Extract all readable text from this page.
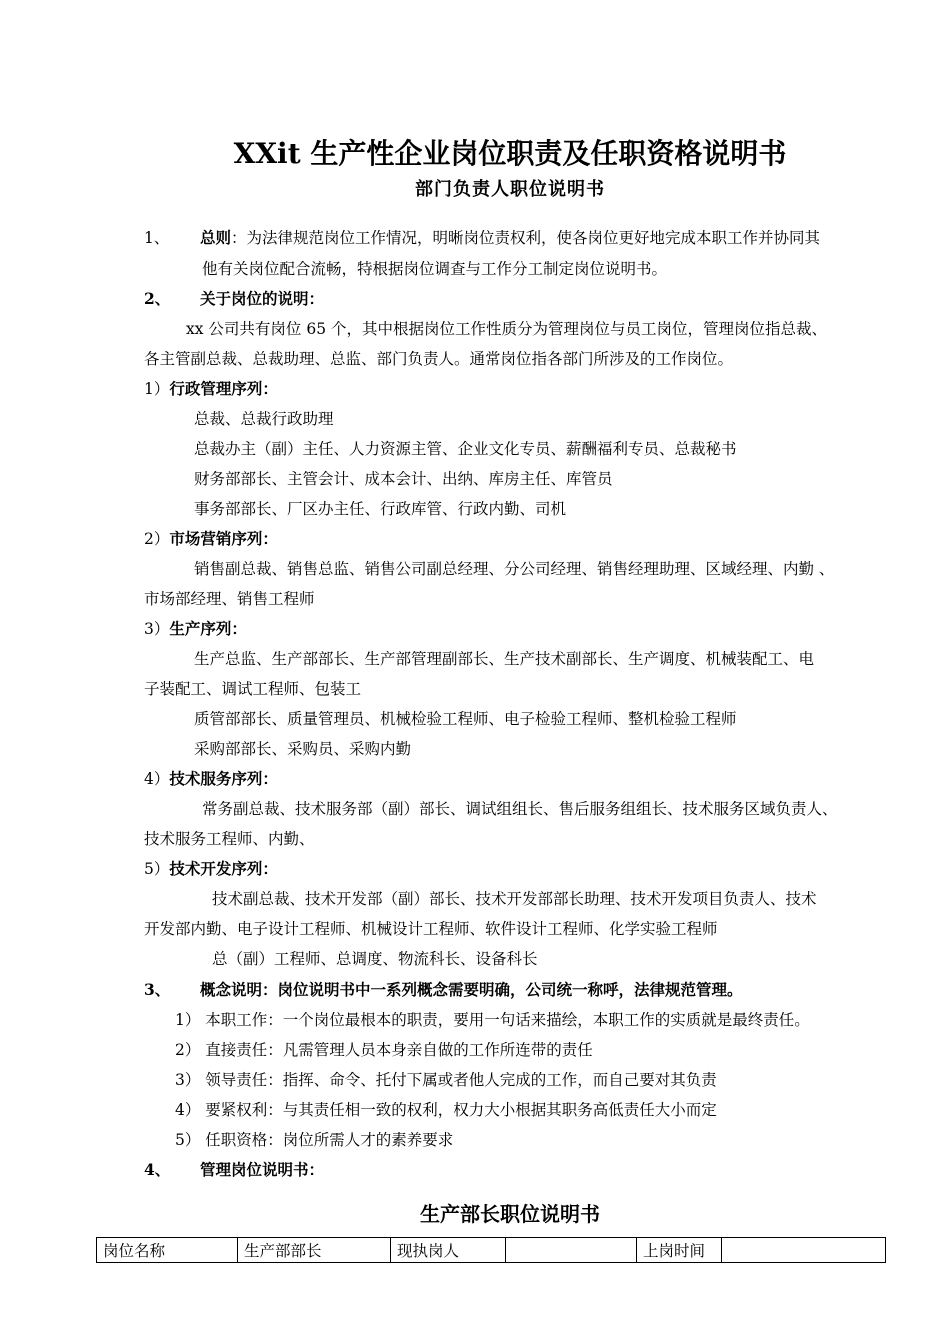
XXit 生产性企业岗位职责及任职资格说明书
部门负责人职位说明书
1、 总则：为法律规范岗位工作情况，明晰岗位责权利，使各岗位更好地完成本职工作并协同其
他有关岗位配合流畅，特根据岗位调查与工作分工制定岗位说明书。
2、 关于岗位的说明：
xx 公司共有岗位 65 个，其中根据岗位工作性质分为管理岗位与员工岗位，管理岗位指总裁、
各主管副总裁、总裁助理、总监、部门负责人。通常岗位指各部门所涉及的工作岗位。
1）行政管理序列：
总裁、总裁行政助理
总裁办主（副）主任、人力资源主管、企业文化专员、薪酬福利专员、总裁秘书
财务部部长、主管会计、成本会计、出纳、库房主任、库管员
事务部部长、厂区办主任、行政库管、行政内勤、司机
2）市场营销序列：
销售副总裁、销售总监、销售公司副总经理、分公司经理、销售经理助理、区域经理、内勤 、
市场部经理、销售工程师
3）生产序列：
生产总监、生产部部长、生产部管理副部长、生产技术副部长、生产调度、机械装配工、电
子装配工、调试工程师、包装工
质管部部长、质量管理员、机械检验工程师、电子检验工程师、整机检验工程师
采购部部长、采购员、采购内勤
4）技术服务序列：
常务副总裁、技术服务部（副）部长、调试组组长、售后服务组组长、技术服务区域负责人、
技术服务工程师、内勤、
5）技术开发序列：
技术副总裁、技术开发部（副）部长、技术开发部部长助理、技术开发项目负责人、技术
开发部内勤、电子设计工程师、机械设计工程师、软件设计工程师、化学实验工程师
总（副）工程师、总调度、物流科长、设备科长
3、 概念说明：岗位说明书中一系列概念需要明确，公司统一称呼，法律规范管理。
1） 本职工作：一个岗位最根本的职责，要用一句话来描绘，本职工作的实质就是最终责任。
2） 直接责任：凡需管理人员本身亲自做的工作所连带的责任
3） 领导责任：指挥、命令、托付下属或者他人完成的工作，而自己要对其负责
4） 要紧权利：与其责任相一致的权利，权力大小根据其职务高低责任大小而定
5） 任职资格：岗位所需人才的素养要求
4、 管理岗位说明书：
生产部长职位说明书
岗位名称	生产部部长	现执岗人		上岗时间	
